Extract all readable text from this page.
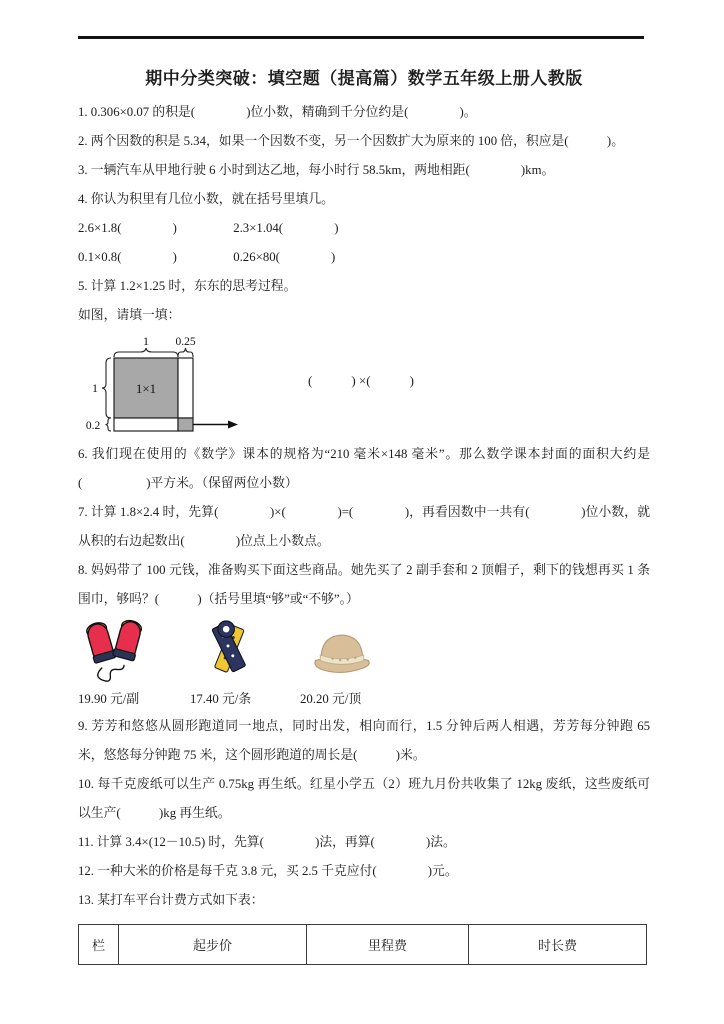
期中分类突破：填空题（提高篇）数学五年级上册人教版

1. 0.306×0.07 的积是(　　　　)位小数，精确到千分位约是(　　　　)。

2. 两个因数的积是 5.34，如果一个因数不变，另一个因数扩大为原来的 100 倍，积应是(　　　)。

3. 一辆汽车从甲地行驶 6 小时到达乙地，每小时行 58.5km，两地相距(　　　　)km。

4. 你认为积里有几位小数，就在括号里填几。

2.6×1.8(　　　　)	2.3×1.04(　　　　)
0.1×0.8(　　　　)	0.26×80(　　　　)

5. 计算 1.2×1.25 时，东东的思考过程。

如图，请填一填：

1 0.25
1
0.2
1×1
(　　　) ×(　　　)

6. 我们现在使用的《数学》课本的规格为“210 毫米×148 毫米”。那么数学课本封面的面积大约是(　　　　　)平方米。（保留两位小数）

7. 计算 1.8×2.4 时，先算(　　　　)×(　　　　)=(　　　　)，再看因数中一共有(　　　　)位小数，就从积的右边起数出(　　　　)位点上小数点。

8. 妈妈带了 100 元钱，准备购买下面这些商品。她先买了 2 副手套和 2 顶帽子，剩下的钱想再买 1 条围巾，够吗？(　　　)（括号里填“够”或“不够”。）

19.90 元/副	17.40 元/条	20.20 元/顶

9. 芳芳和悠悠从圆形跑道同一地点，同时出发，相向而行，1.5 分钟后两人相遇，芳芳每分钟跑 65 米，悠悠每分钟跑 75 米，这个圆形跑道的周长是(　　　)米。

10. 每千克废纸可以生产 0.75kg 再生纸。红星小学五（2）班九月份共收集了 12kg 废纸，这些废纸可以生产(　　　)kg 再生纸。

11. 计算 3.4×(12－10.5) 时，先算(　　　　)法，再算(　　　　)法。

12. 一种大米的价格是每千克 3.8 元，买 2.5 千克应付(　　　　)元。

13. 某打车平台计费方式如下表：

栏	起步价	里程费	时长费
